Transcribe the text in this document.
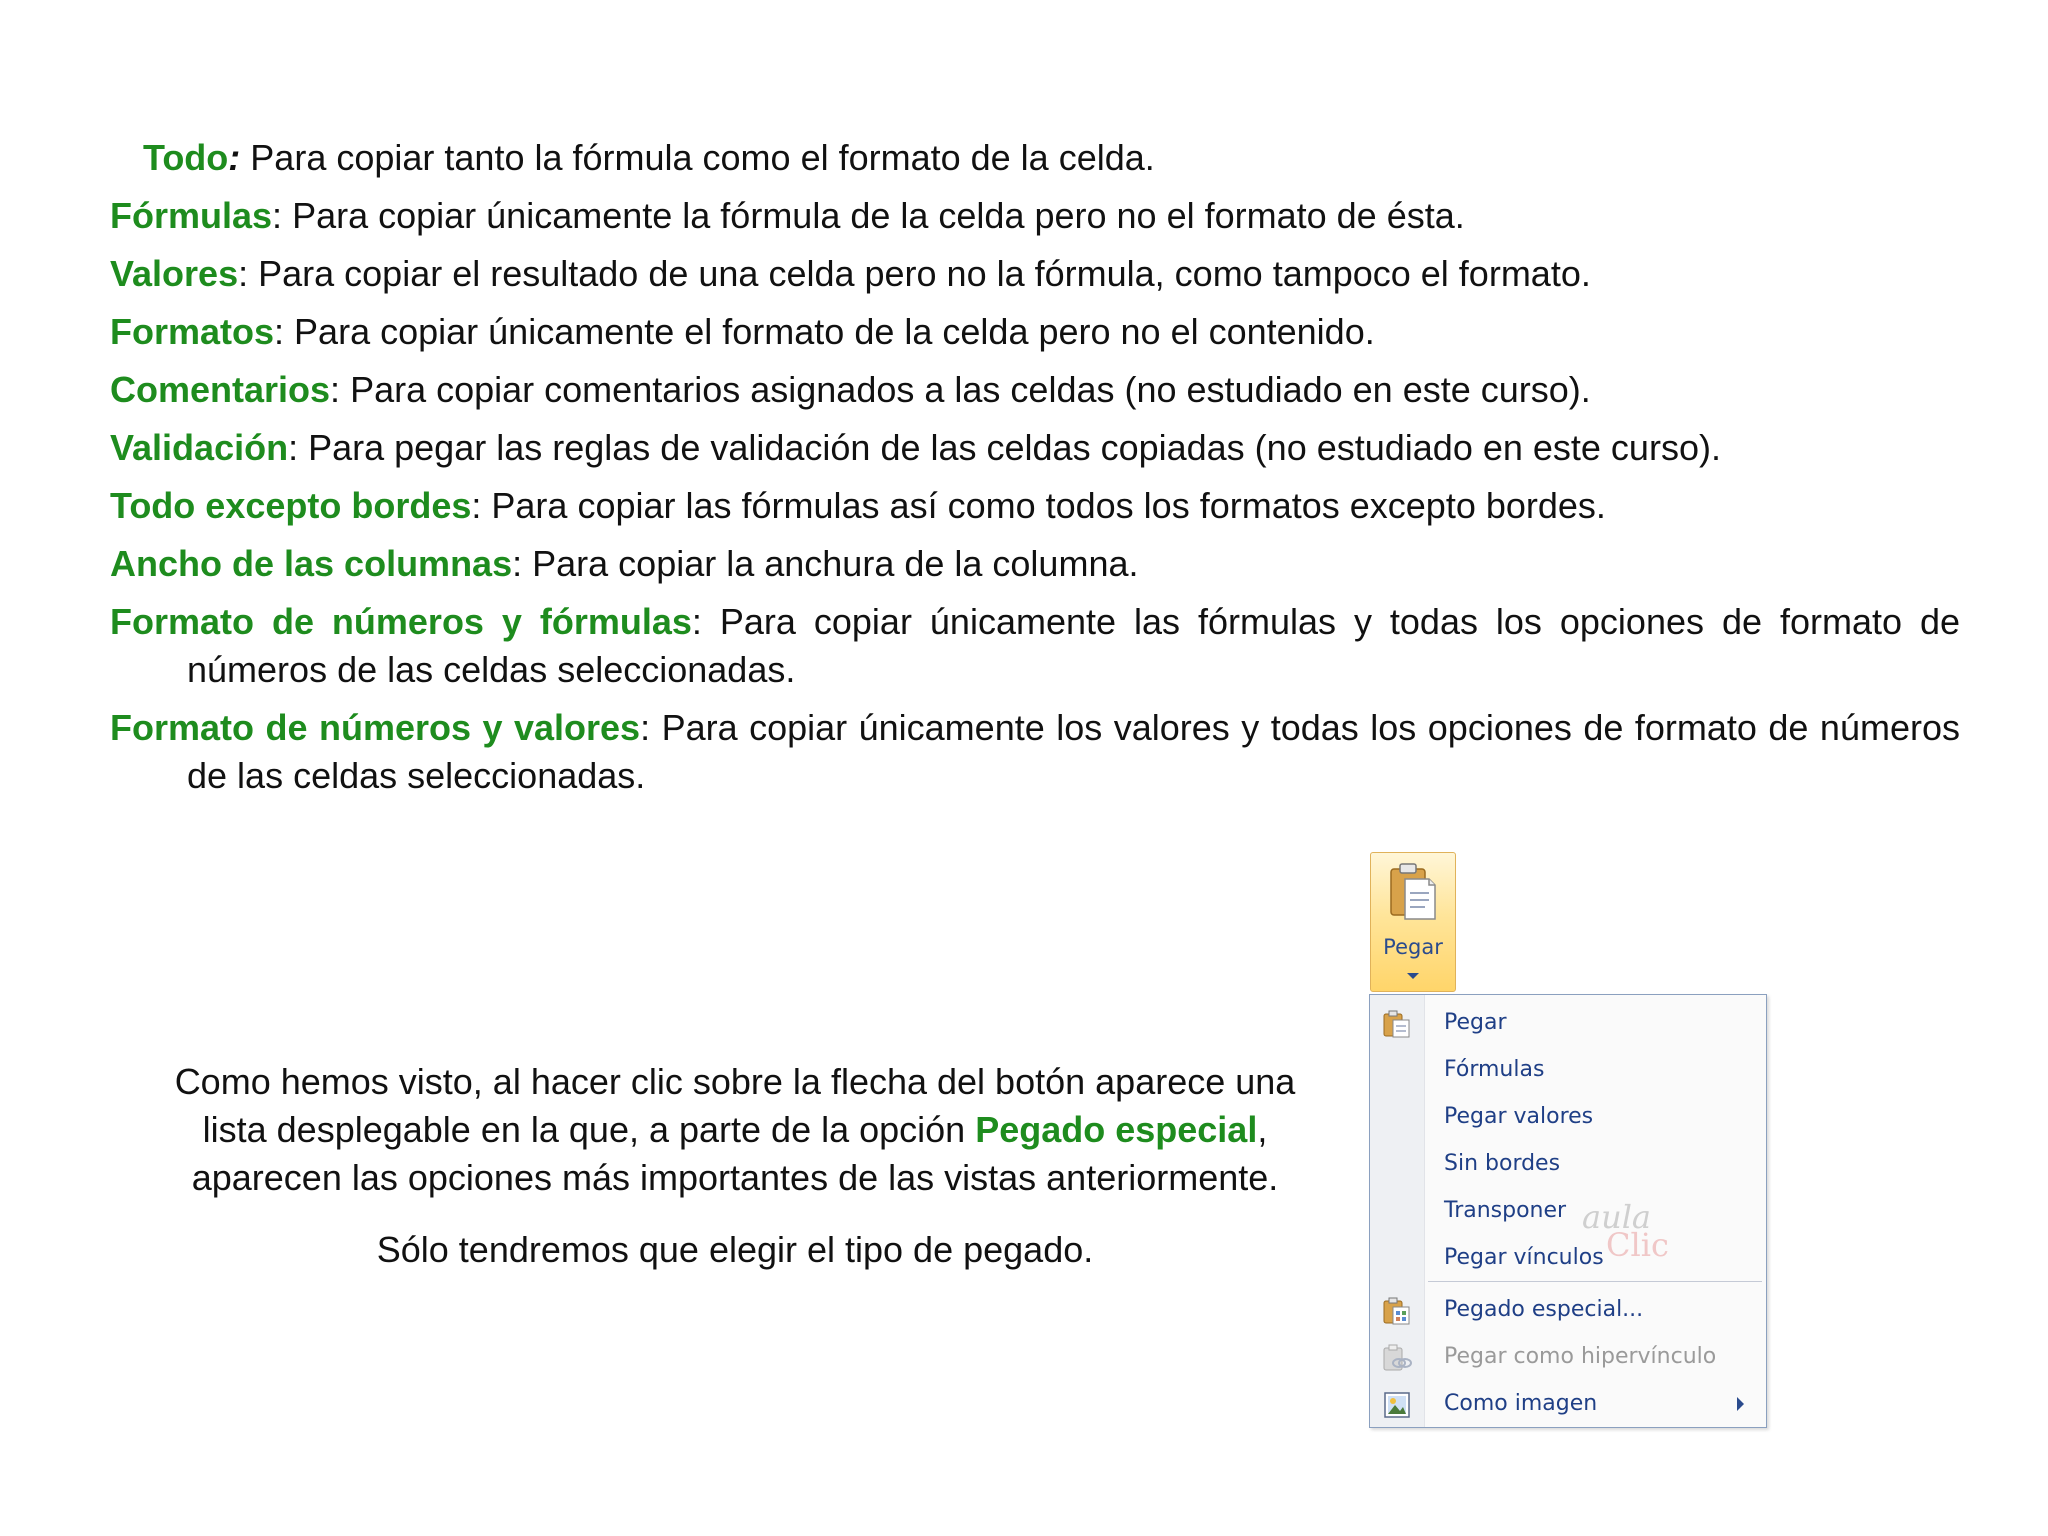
Todo: Para copiar tanto la fórmula como el formato de la celda.

Fórmulas: Para copiar únicamente la fórmula de la celda pero no el formato de ésta.

Valores: Para copiar el resultado de una celda pero no la fórmula, como tampoco el formato.

Formatos: Para copiar únicamente el formato de la celda pero no el contenido.

Comentarios: Para copiar comentarios asignados a las celdas (no estudiado en este curso).

Validación: Para pegar las reglas de validación de las celdas copiadas (no estudiado en este curso).

Todo excepto bordes: Para copiar las fórmulas así como todos los formatos excepto bordes.

Ancho de las columnas: Para copiar la anchura de la columna.

Formato de números y fórmulas: Para copiar únicamente las fórmulas y todas los opciones de formato de números de las celdas seleccionadas.

Formato de números y valores: Para copiar únicamente los valores y todas los opciones de formato de números de las celdas seleccionadas.

Como hemos visto, al hacer clic sobre la flecha del botón aparece una lista desplegable en la que, a parte de la opción Pegado especial, aparecen las opciones más importantes de las vistas anteriormente.

Sólo tendremos que elegir el tipo de pegado.

Pegar
Pegar
Fórmulas
Pegar valores
Sin bordes
Transponer
Pegar vínculos
Pegado especial...
Pegar como hipervínculo
Como imagen
aula
Clic
